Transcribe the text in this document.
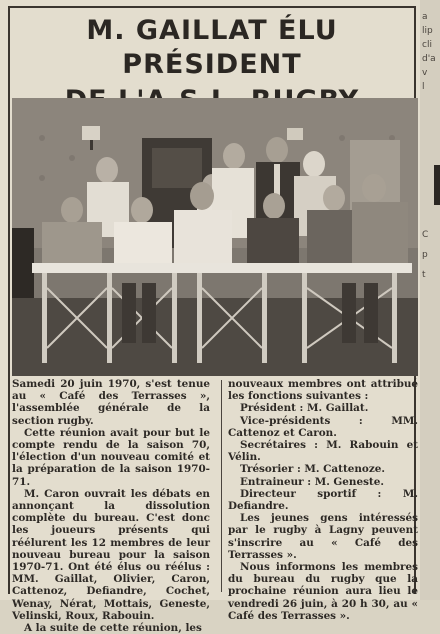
M. GAILLAT ÉLU PRÉSIDENT

Samedi 20 juin 1970, s'est tenue au « Café des Terrasses », l'assemblée générale de la section rugby.

Cette réunion avait pour but le compte rendu de la saison 70, l'élection d'un nouveau comité et la préparation de la saison 1970-71.

M. Caron ouvrait les débats en annonçant la dissolution complète du bureau. C'est donc les joueurs présents qui réélurent les 12 membres de leur nouveau bureau pour la saison 1970-71. Ont été élus ou réélus : MM. Gaillat, Olivier, Caron, Cattenoz, Defiandre, Cochet, Wenay, Nérat, Mottais, Geneste, Velinski, Roux, Rabouin.

A la suite de cette réunion, les

nouveaux membres ont attribué les fonctions suivantes :

Président : M. Gaillat.

Vice-présidents : MM. Cattenoz et Caron.

Secrétaires : M. Rabouin et Vélin.

Trésorier : M. Cattenoze.

Entraineur : M. Geneste.

Directeur sportif : M. Defiandre.

Les jeunes gens intéressés par le rugby à Lagny peuvent s'inscrire au « Café des Terrasses ».

Nous informons les membres du bureau du rugby que la prochaine réunion aura lieu le vendredi 26 juin, à 20 h 30, au « Café des Terrasses ».

a
lip
cli
d'a
v
l
C
p
t
